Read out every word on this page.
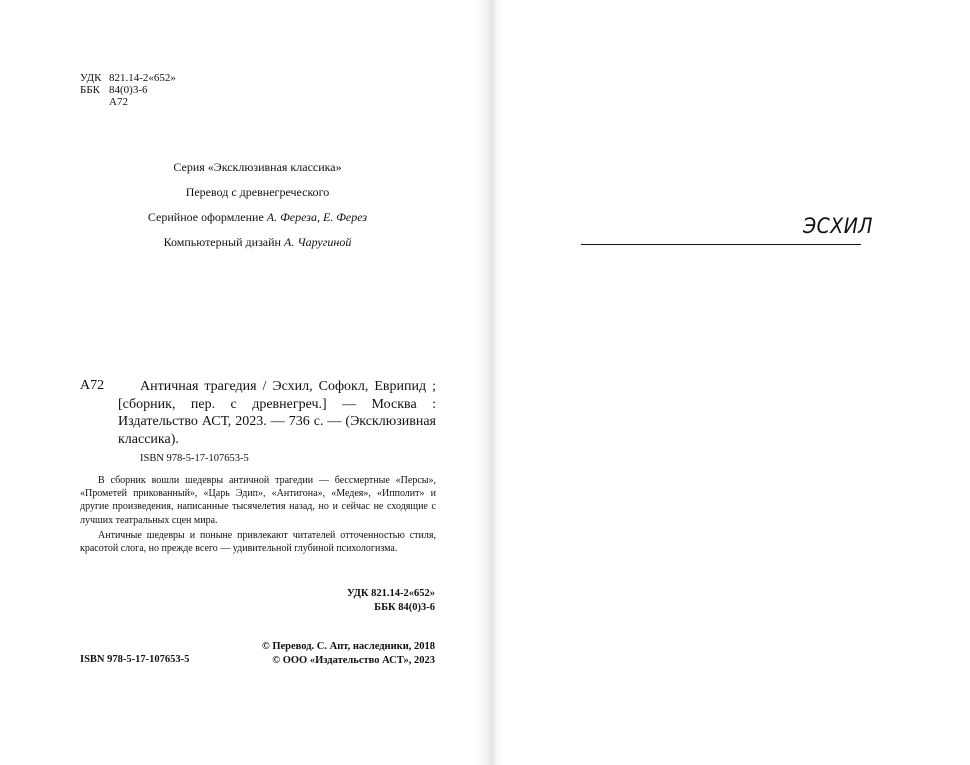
УДК 821.14-2«652»
ББК 84(0)3-6
А72
Серия «Эксклюзивная классика»
Перевод с древнегреческого
Серийное оформление А. Фереза, Е. Ферез
Компьютерный дизайн А. Чаругиной
А72	Античная трагедия / Эсхил, Софокл, Еврипид ; [сборник, пер. с древнегреч.] — Москва : Издательство АСТ, 2023. — 736 с. — (Эксклюзивная классика).
ISBN 978-5-17-107653-5

В сборник вошли шедевры античной трагедии — бессмертные «Персы», «Прометей прикованный», «Царь Эдип», «Антигона», «Медея», «Ипполит» и другие произведения, написанные тысячелетия назад, но и сейчас не сходящие с лучших театральных сцен мира.

Античные шедевры и поныне привлекают читателей отточенностью стиля, красотой слога, но прежде всего — удивительной глубиной психологизма.

УДК 821.14-2«652»
ББК 84(0)3-6
ISBN 978-5-17-107653-5
© Перевод. С. Апт, наследники, 2018
© ООО «Издательство АСТ», 2023
ЭСХИЛ
